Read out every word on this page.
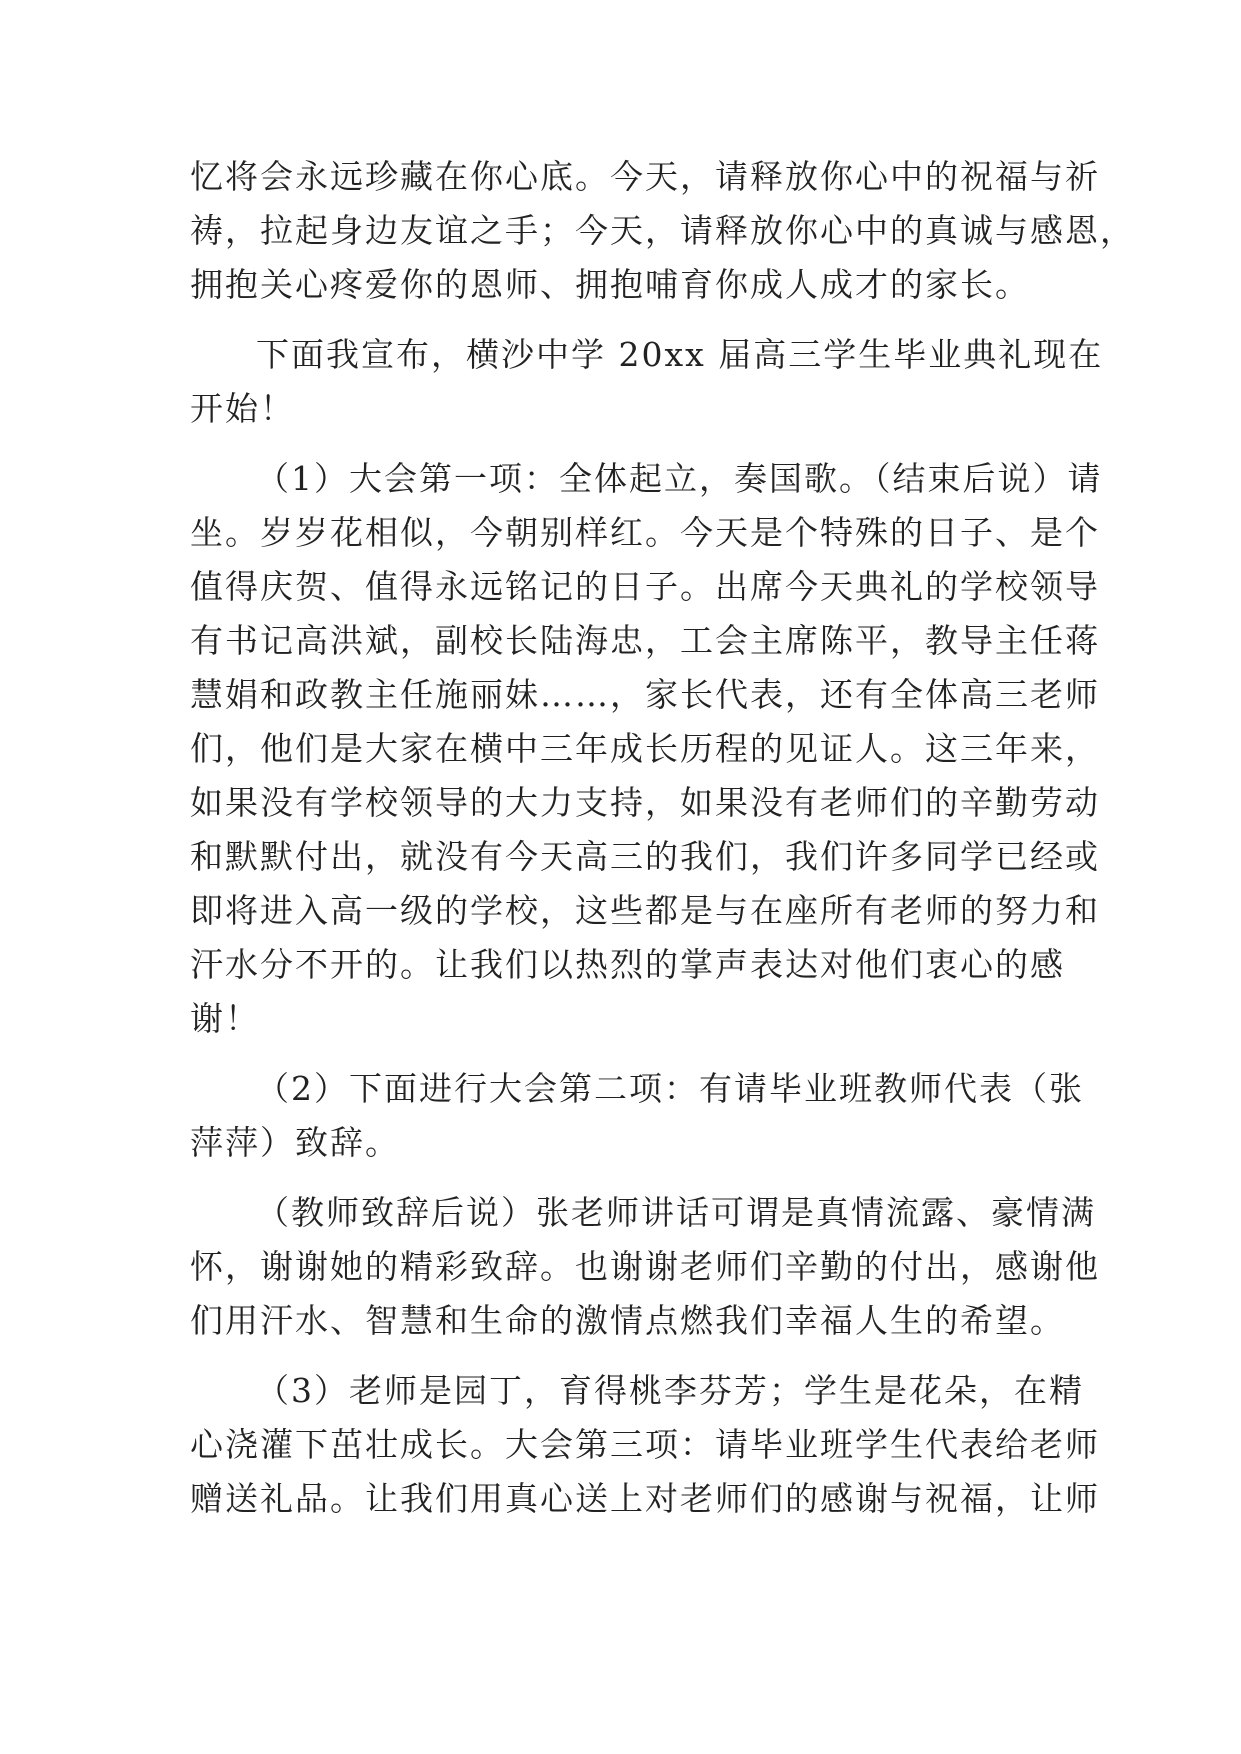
忆将会永远珍藏在你心底。今天，请释放你心中的祝福与祈
祷，拉起身边友谊之手；今天，请释放你心中的真诚与感恩，
拥抱关心疼爱你的恩师、拥抱哺育你成人成才的家长。
下面我宣布，横沙中学 20xx 届高三学生毕业典礼现在
开始！
（1）大会第一项：全体起立，奏国歌。（结束后说）请
坐。岁岁花相似，今朝别样红。今天是个特殊的日子、是个
值得庆贺、值得永远铭记的日子。出席今天典礼的学校领导
有书记高洪斌，副校长陆海忠，工会主席陈平，教导主任蒋
慧娟和政教主任施丽妹……，家长代表，还有全体高三老师
们，他们是大家在横中三年成长历程的见证人。这三年来，
如果没有学校领导的大力支持，如果没有老师们的辛勤劳动
和默默付出，就没有今天高三的我们，我们许多同学已经或
即将进入高一级的学校，这些都是与在座所有老师的努力和
汗水分不开的。让我们以热烈的掌声表达对他们衷心的感
谢！
（2）下面进行大会第二项：有请毕业班教师代表（张
萍萍）致辞。
（教师致辞后说）张老师讲话可谓是真情流露、豪情满
怀，谢谢她的精彩致辞。也谢谢老师们辛勤的付出，感谢他
们用汗水、智慧和生命的激情点燃我们幸福人生的希望。
（3）老师是园丁，育得桃李芬芳；学生是花朵，在精
心浇灌下茁壮成长。大会第三项：请毕业班学生代表给老师
赠送礼品。让我们用真心送上对老师们的感谢与祝福，让师
